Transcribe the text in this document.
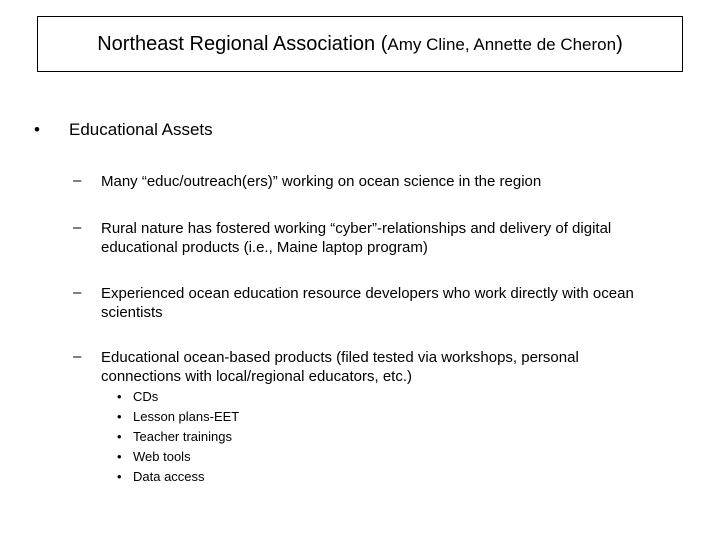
Northeast Regional Association (Amy Cline, Annette de Cheron)
• Educational Assets
– Many “educ/outreach(ers)” working on ocean science in the region
– Rural nature has fostered working “cyber”-relationships and delivery of digital
educational products (i.e., Maine laptop program)
– Experienced ocean education resource developers who work directly with ocean
scientists
– Educational ocean-based products (filed tested via workshops, personal
connections with local/regional educators, etc.)
• CDs
• Lesson plans-EET
• Teacher trainings
• Web tools
• Data access
